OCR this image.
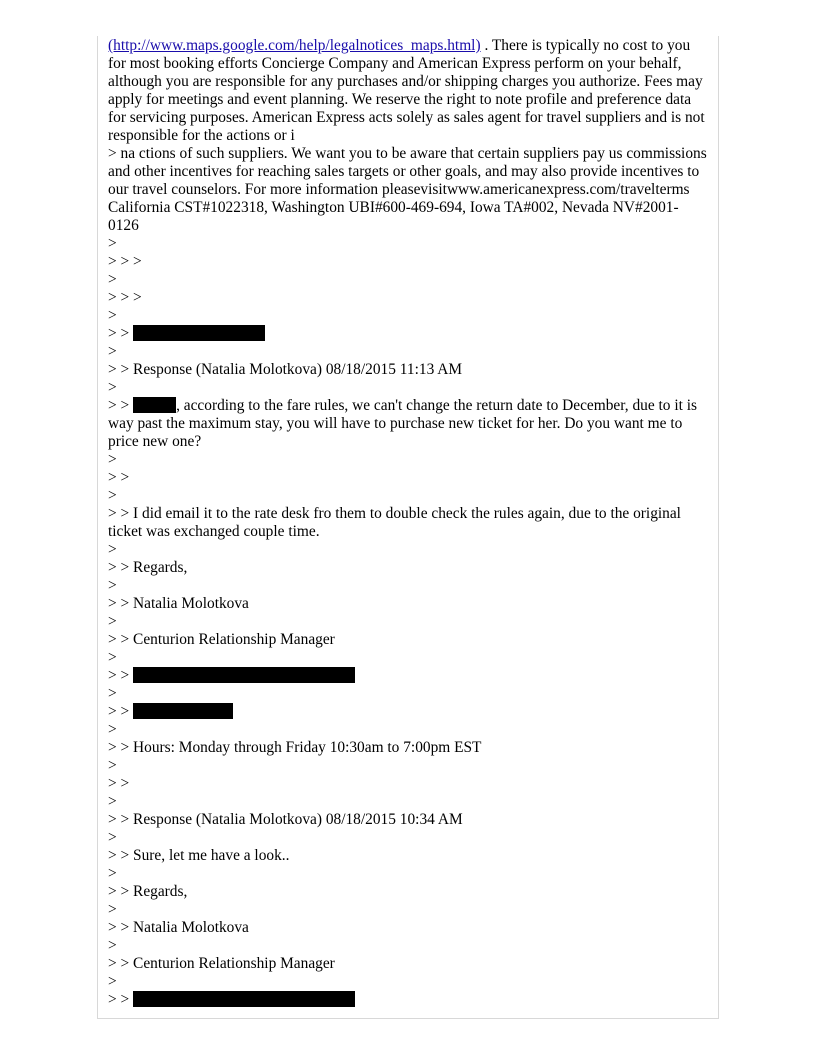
(http://www.maps.google.com/help/legalnotices_maps.html) . There is typically no cost to you for most booking efforts Concierge Company and American Express perform on your behalf, although you are responsible for any purchases and/or shipping charges you authorize. Fees may apply for meetings and event planning. We reserve the right to note profile and preference data for servicing purposes. American Express acts solely as sales agent for travel suppliers and is not responsible for the actions or i
> na ctions of such suppliers. We want you to be aware that certain suppliers pay us commissions and other incentives for reaching sales targets or other goals, and may also provide incentives to our travel counselors. For more information pleasevisitwww.americanexpress.com/travelterms California CST#1022318, Washington UBI#600-469-694, Iowa TA#002, Nevada NV#2001-0126
>
> > >
>
> > >
>
> >
>
> > Response (Natalia Molotkova) 08/18/2015 11:13 AM
>
> >	, according to the fare rules, we can't change the return date to December, due to it is way past the maximum stay, you will have to purchase new ticket for her. Do you want me to price new one?
>
> >
>
> > I did email it to the rate desk fro them to double check the rules again, due to the original ticket was exchanged couple time.
>
> > Regards,
>
> > Natalia Molotkova
>
> > Centurion Relationship Manager
>
> >
>
> >
>
> > Hours: Monday through Friday 10:30am to 7:00pm EST
>
> >
>
> > Response (Natalia Molotkova) 08/18/2015 10:34 AM
>
> > Sure, let me have a look..
>
> > Regards,
>
> > Natalia Molotkova
>
> > Centurion Relationship Manager
>
> >
